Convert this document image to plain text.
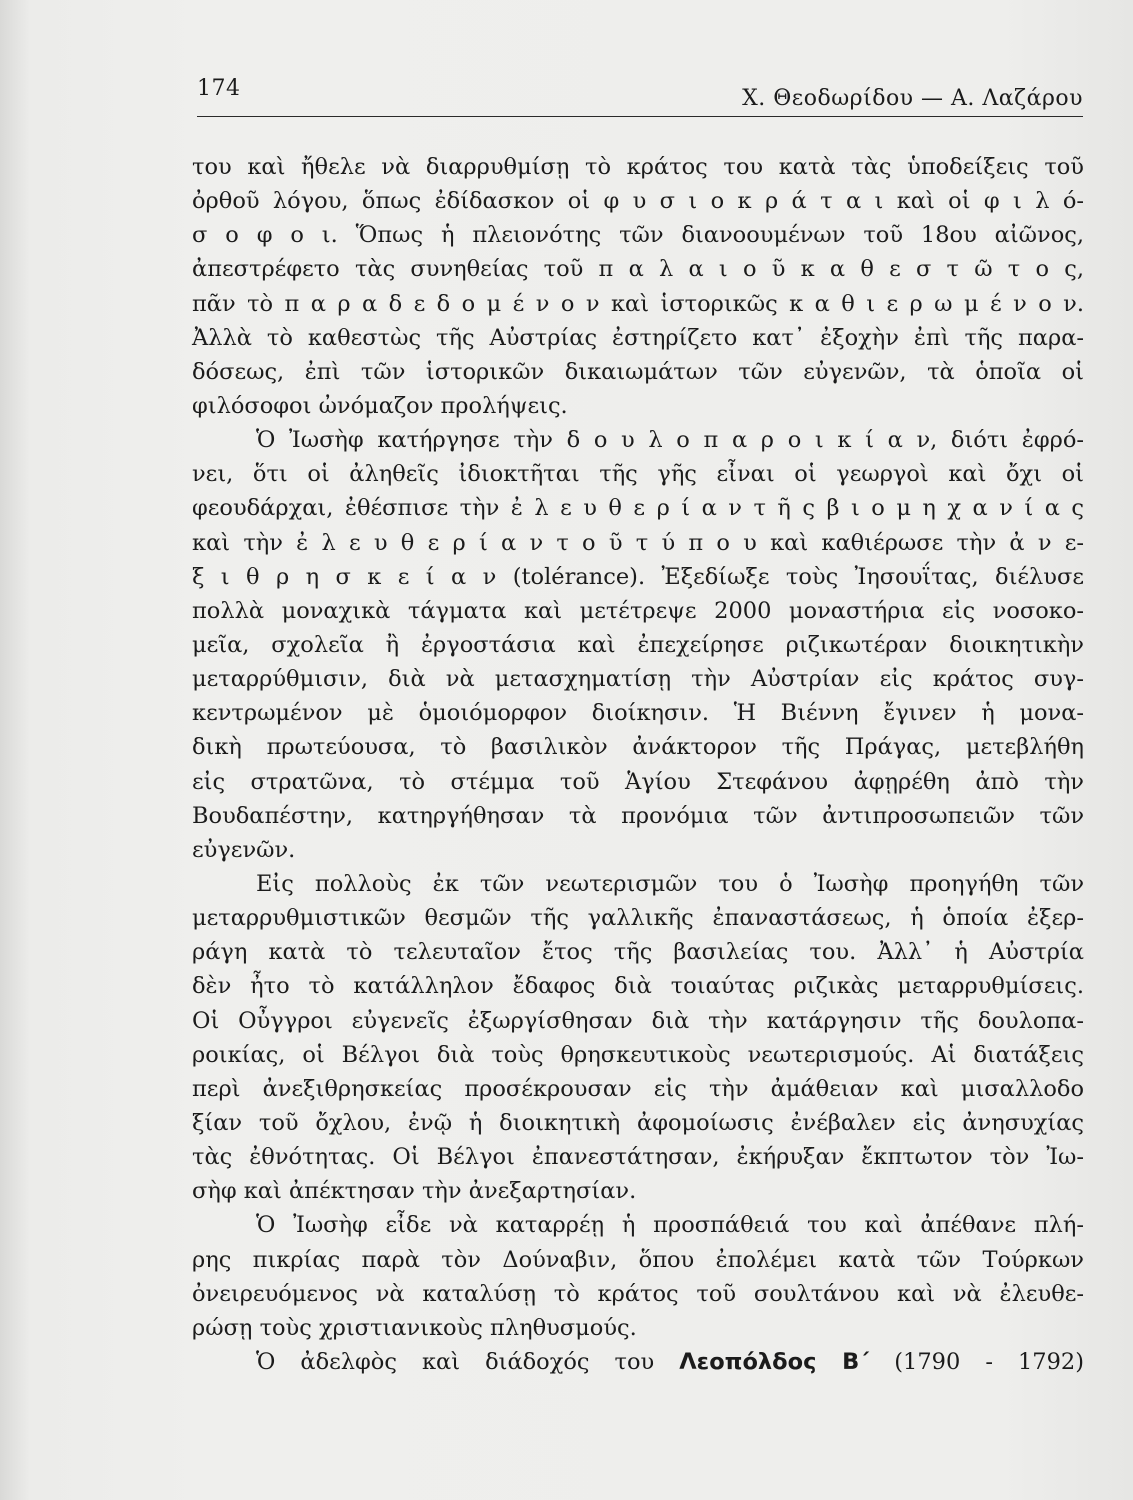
174	Χ. Θεοδωρίδου — Α. Λαζάρου
του καὶ ἤθελε νὰ διαρρυθμίσῃ τὸ κράτος του κατὰ τὰς ὑποδείξεις τοῦ
ὀρθοῦ λόγου, ὅπως ἐδίδασκον οἱ φ υ σ ι ο κ ρ ά τ α ι καὶ οἱ φ ι λ ό-
σ ο φ ο ι. Ὅπως ἡ πλειονότης τῶν διανοουμένων τοῦ 18ου αἰῶνος,
ἀπεστρέφετο τὰς συνηθείας τοῦ π α λ α ι ο ῦ κ α θ ε σ τ ῶ τ ο ς,
πᾶν τὸ π α ρ α δ ε δ ο μ έ ν ο ν καὶ ἱστορικῶς κ α θ ι ε ρ ω μ έ ν ο ν.
Ἀλλὰ τὸ καθεστὼς τῆς Αὐστρίας ἐστηρίζετο κατ᾿ ἐξοχὴν ἐπὶ τῆς παρα-
δόσεως, ἐπὶ τῶν ἱστορικῶν δικαιωμάτων τῶν εὐγενῶν, τὰ ὁποῖα οἱ
φιλόσοφοι ὠνόμαζον προλήψεις.
Ὁ Ἰωσὴφ κατήργησε τὴν δ ο υ λ ο π α ρ ο ι κ ί α ν, διότι ἐφρό-
νει, ὅτι οἱ ἀληθεῖς ἰδιοκτῆται τῆς γῆς εἶναι οἱ γεωργοὶ καὶ ὄχι οἱ
φεουδάρχαι, ἐθέσπισε τὴν ἐ λ ε υ θ ε ρ ί α ν τ ῆ ς β ι ο μ η χ α ν ί α ς
καὶ τὴν ἐ λ ε υ θ ε ρ ί α ν τ ο ῦ τ ύ π ο υ καὶ καθιέρωσε τὴν ἀ ν ε-
ξ ι θ ρ η σ κ ε ί α ν (tolérance). Ἐξεδίωξε τοὺς Ἰησουΐτας, διέλυσε
πολλὰ μοναχικὰ τάγματα καὶ μετέτρεψε 2000 μοναστήρια εἰς νοσοκο-
μεῖα, σχολεῖα ἢ ἐργοστάσια καὶ ἐπεχείρησε ριζικωτέραν διοικητικὴν
μεταρρύθμισιν, διὰ νὰ μετασχηματίσῃ τὴν Αὐστρίαν εἰς κράτος συγ-
κεντρωμένον μὲ ὁμοιόμορφον διοίκησιν. Ἡ Βιέννη ἔγινεν ἡ μονα-
δικὴ πρωτεύουσα, τὸ βασιλικὸν ἀνάκτορον τῆς Πράγας, μετεβλήθη
εἰς στρατῶνα, τὸ στέμμα τοῦ Ἁγίου Στεφάνου ἀφῃρέθη ἀπὸ τὴν
Βουδαπέστην, κατηργήθησαν τὰ προνόμια τῶν ἀντιπροσωπειῶν τῶν
εὐγενῶν.
Εἰς πολλοὺς ἐκ τῶν νεωτερισμῶν του ὁ Ἰωσὴφ προηγήθη τῶν
μεταρρυθμιστικῶν θεσμῶν τῆς γαλλικῆς ἐπαναστάσεως, ἡ ὁποία ἐξερ-
ράγη κατὰ τὸ τελευταῖον ἔτος τῆς βασιλείας του. Ἀλλ᾿ ἡ Αὐστρία
δὲν ἦτο τὸ κατάλληλον ἔδαφος διὰ τοιαύτας ριζικὰς μεταρρυθμίσεις.
Οἱ Οὖγγροι εὐγενεῖς ἐξωργίσθησαν διὰ τὴν κατάργησιν τῆς δουλοπα-
ροικίας, οἱ Βέλγοι διὰ τοὺς θρησκευτικοὺς νεωτερισμούς. Αἱ διατάξεις
περὶ ἀνεξιθρησκείας προσέκρουσαν εἰς τὴν ἀμάθειαν καὶ μισαλλοδο
ξίαν τοῦ ὄχλου, ἐνῷ ἡ διοικητικὴ ἀφομοίωσις ἐνέβαλεν εἰς ἀνησυχίας
τὰς ἐθνότητας. Οἱ Βέλγοι ἐπανεστάτησαν, ἐκήρυξαν ἔκπτωτον τὸν Ἰω-
σὴφ καὶ ἀπέκτησαν τὴν ἀνεξαρτησίαν.
Ὁ Ἰωσὴφ εἶδε νὰ καταρρέῃ ἡ προσπάθειά του καὶ ἀπέθανε πλή-
ρης πικρίας παρὰ τὸν Δούναβιν, ὅπου ἐπολέμει κατὰ τῶν Τούρκων
ὀνειρευόμενος νὰ καταλύσῃ τὸ κράτος τοῦ σουλτάνου καὶ νὰ ἐλευθε-
ρώσῃ τοὺς χριστιανικοὺς πληθυσμούς.
Ὁ ἀδελφὸς καὶ διάδοχός του Λεοπόλδος Β΄ (1790 - 1792)
